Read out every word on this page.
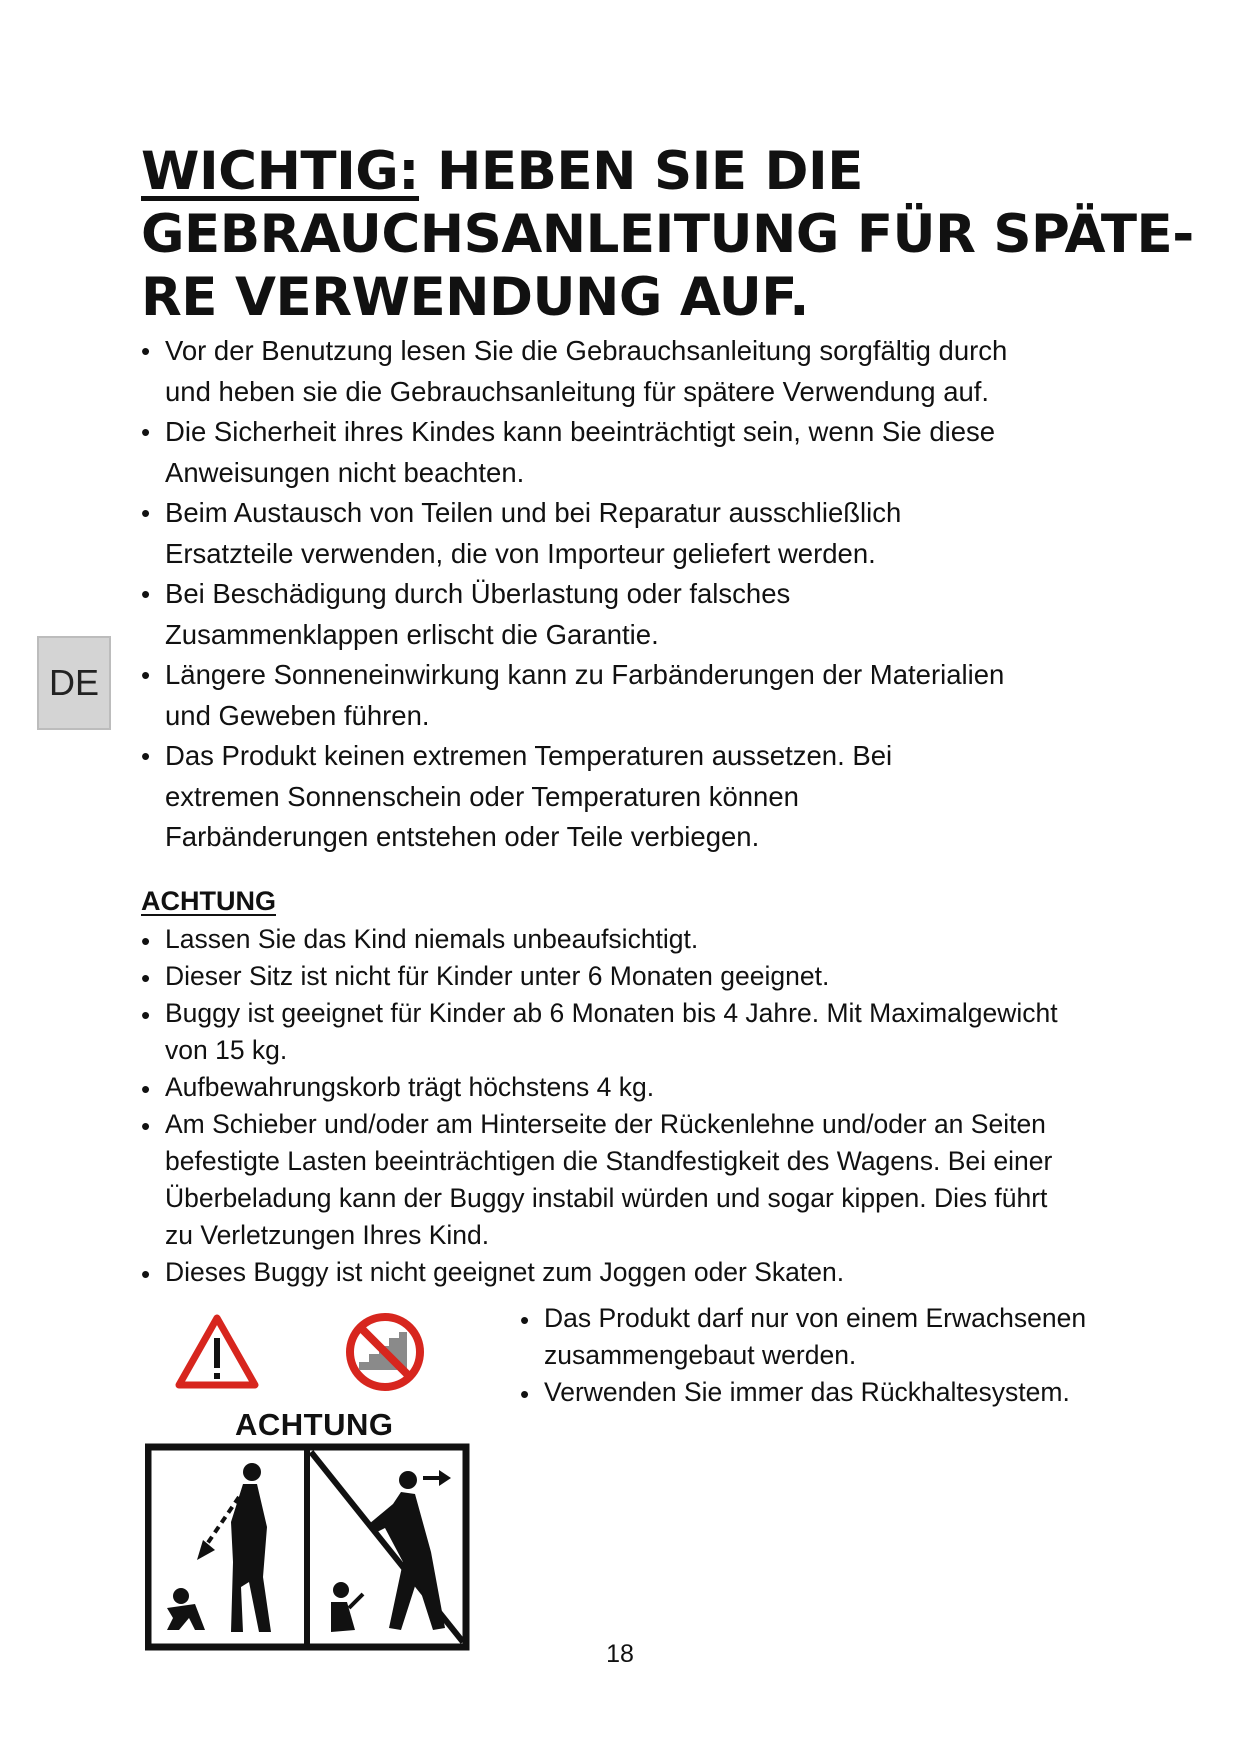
WICHTIG: HEBEN SIE DIE
GEBRAUCHSANLEITUNG FÜR SPÄTE-
RE VERWENDUNG AUF.
DE
• Vor der Benutzung lesen Sie die Gebrauchsanleitung sorgfältig durch
und heben sie die Gebrauchsanleitung für spätere Verwendung auf.
• Die Sicherheit ihres Kindes kann beeinträchtigt sein, wenn Sie diese
Anweisungen nicht beachten.
• Beim Austausch von Teilen und bei Reparatur ausschließlich
Ersatzteile verwenden, die von Importeur geliefert werden.
• Bei Beschädigung durch Überlastung oder falsches
Zusammenklappen erlischt die Garantie.
• Längere Sonneneinwirkung kann zu Farbänderungen der Materialien
und Geweben führen.
• Das Produkt keinen extremen Temperaturen aussetzen. Bei
extremen Sonnenschein oder Temperaturen können
Farbänderungen entstehen oder Teile verbiegen.
ACHTUNG
• Lassen Sie das Kind niemals unbeaufsichtigt.
• Dieser Sitz ist nicht für Kinder unter 6 Monaten geeignet.
• Buggy ist geeignet für Kinder ab 6 Monaten bis 4 Jahre. Mit Maximalgewicht
von 15 kg.
• Aufbewahrungskorb trägt höchstens 4 kg.
• Am Schieber und/oder am Hinterseite der Rückenlehne und/oder an Seiten
befestigte Lasten beeinträchtigen die Standfestigkeit des Wagens. Bei einer
Überbeladung kann der Buggy instabil würden und sogar kippen. Dies führt
zu Verletzungen Ihres Kind.
• Dieses Buggy ist nicht geeignet zum Joggen oder Skaten.
• Das Produkt darf nur von einem Erwachsenen
zusammengebaut werden.
• Verwenden Sie immer das Rückhaltesystem.
ACHTUNG
18
